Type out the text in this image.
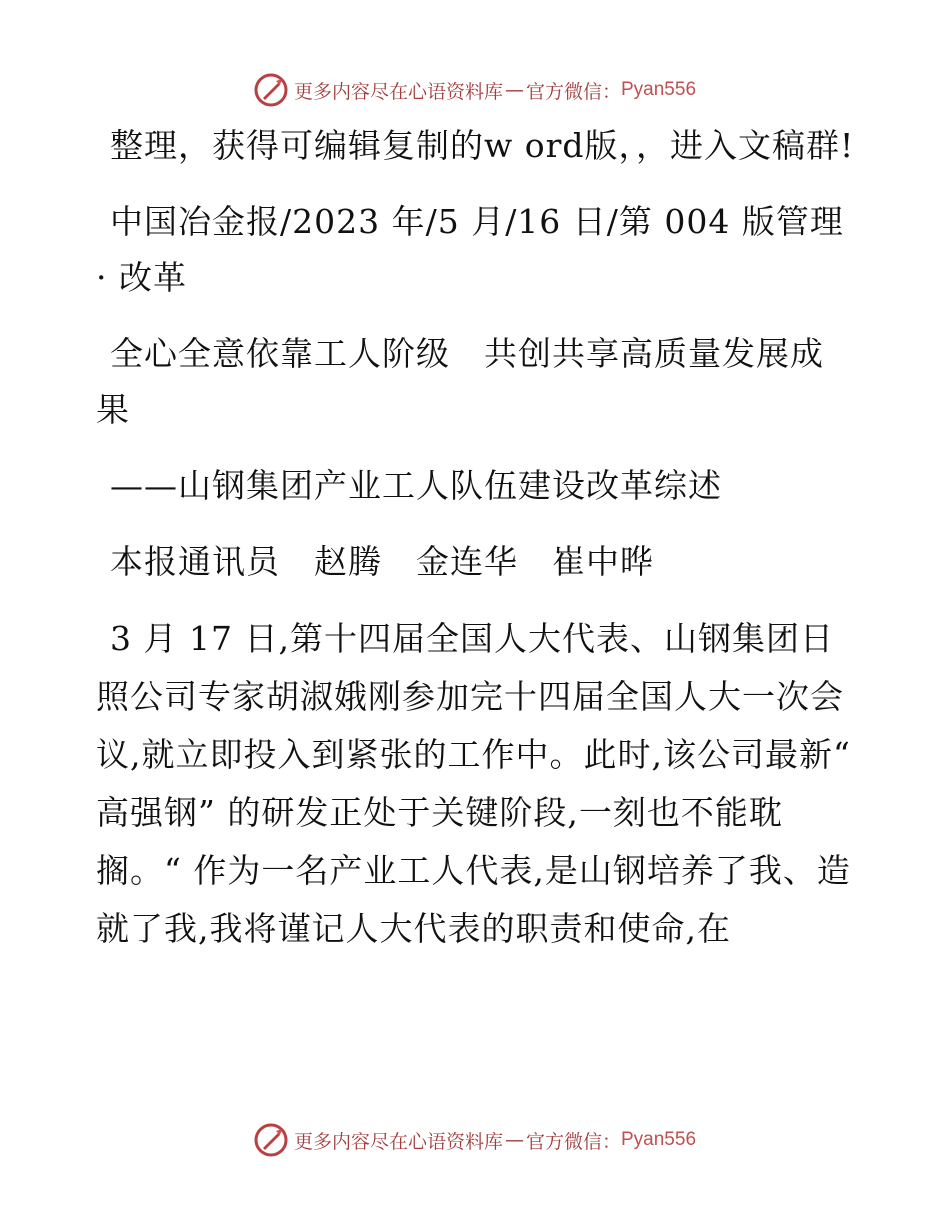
更多内容尽在心语资料库 — 官方微信： Pyan556

整理，获得可编辑复制的w ord版，，进入文稿群!

中国冶金报/2023 年/5 月/16 日/第 004 版管理 · 改革

全心全意依靠工人阶级　共创共享高质量发展成果

——山钢集团产业工人队伍建设改革综述

本报通讯员　赵腾　金连华　崔中晔

3 月 17 日,第十四届全国人大代表、山钢集团日照公司专家胡淑娥刚参加完十四届全国人大一次会议,就立即投入到紧张的工作中。此时,该公司最新“ 高强钢” 的研发正处于关键阶段,一刻也不能耽搁。“ 作为一名产业工人代表,是山钢培养了我、造就了我,我将谨记人大代表的职责和使命,在

更多内容尽在心语资料库 — 官方微信： Pyan556
